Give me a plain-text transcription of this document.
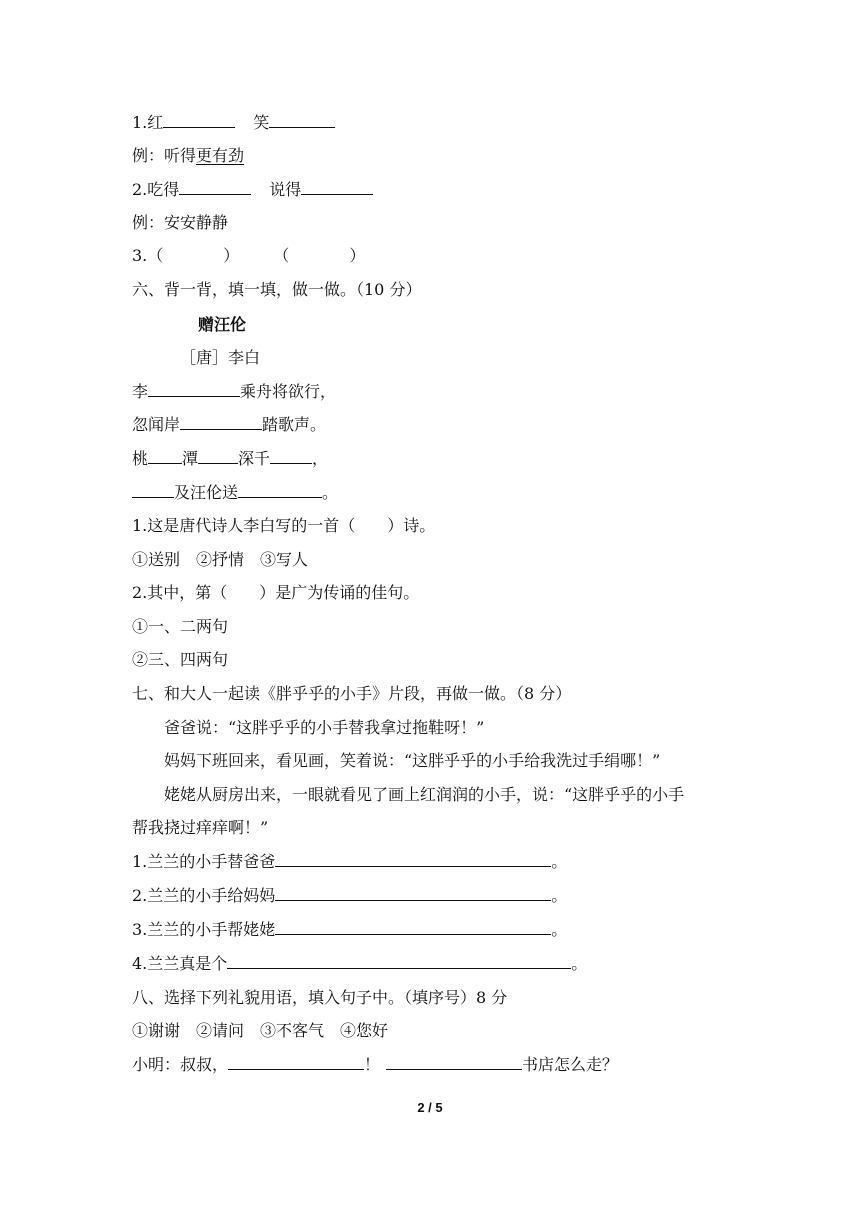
1.红	笑
例：听得更有劲
2.吃得	说得
例：安安静静
3.（	） （	）
六、背一背，填一填，做一做。（10 分）
赠汪伦
［唐］李白
李	乘舟将欲行，
忽闻岸	踏歌声。
桃 潭	深千	，
及汪伦送	。
1.这是唐代诗人李白写的一首（　　）诗。
①送别 ②抒情 ③写人
2.其中，第（　　）是广为传诵的佳句。
①一、二两句
②三、四两句
七、和大人一起读《胖乎乎的小手》片段，再做一做。（8 分）
爸爸说：“这胖乎乎的小手替我拿过拖鞋呀！”
妈妈下班回来，看见画，笑着说：“这胖乎乎的小手给我洗过手绢哪！”
姥姥从厨房出来，一眼就看见了画上红润润的小手，说：“这胖乎乎的小手
帮我挠过痒痒啊！”
1.兰兰的小手替爸爸	。
2.兰兰的小手给妈妈	。
3.兰兰的小手帮姥姥	。
4.兰兰真是个	。
八、选择下列礼貌用语，填入句子中。（填序号）8 分
①谢谢　②请问　③不客气　④您好
小明：叔叔，	！	书店怎么走？
2 / 5
